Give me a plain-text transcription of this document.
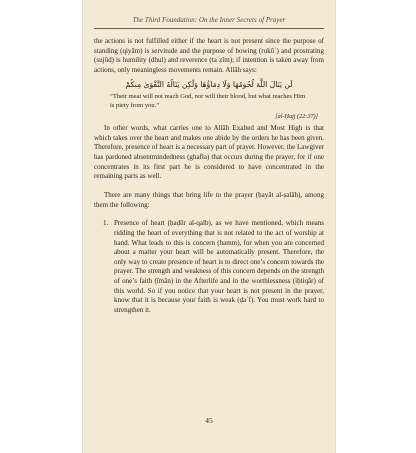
The Third Foundation: On the Inner Secrets of Prayer

the actions is not fulfilled either if the heart is not present since the purpose of standing (qiyām) is servitude and the purpose of bowing (rukūʿ) and prostrating (sujūd) is humility (dhul) and reverence (taʿẓīm); if intention is taken away from actions, only meaningless movements remain. Allāh says:

لَن يَنَالَ اللَّهَ لُحُومُهَا وَلَا دِمَاؤُهَا وَلَٰكِن يَنَالُهُ التَّقْوَىٰ مِنكُمْ

“Their meat will not reach God, nor will their blood, but what reaches Him is piety from you.”

[al-Ḥajj (22:37)]

In other words, what carries one to Allāh Exalted and Most High is that which takes over the heart and makes one abide by the orders he has been given. Therefore, presence of heart is a necessary part of prayer. However, the Lawgiver has pardoned absentmindedness (ghafla) that occurs during the prayer, for if one concentrates in its first part he is considered to have concentrated in the remaining parts as well.

There are many things that bring life to the prayer (ḥayāt al-ṣalāh), among them the following:

1. Presence of heart (ḥaḍūr al-qalb), as we have mentioned, which means ridding the heart of everything that is not related to the act of worship at hand. What leads to this is concern (hamm), for when you are concerned about a matter your heart will be automatically present. Therefore, the only way to create presence of heart is to direct one’s concern towards the prayer. The strength and weakness of this concern depends on the strength of one’s faith (īmān) in the Afterlife and in the worthlessness (iḥtiqār) of this world. So if you notice that your heart is not present in the prayer, know that it is because your faith is weak (ḍaʿf). You must work hard to strengthen it.

45
